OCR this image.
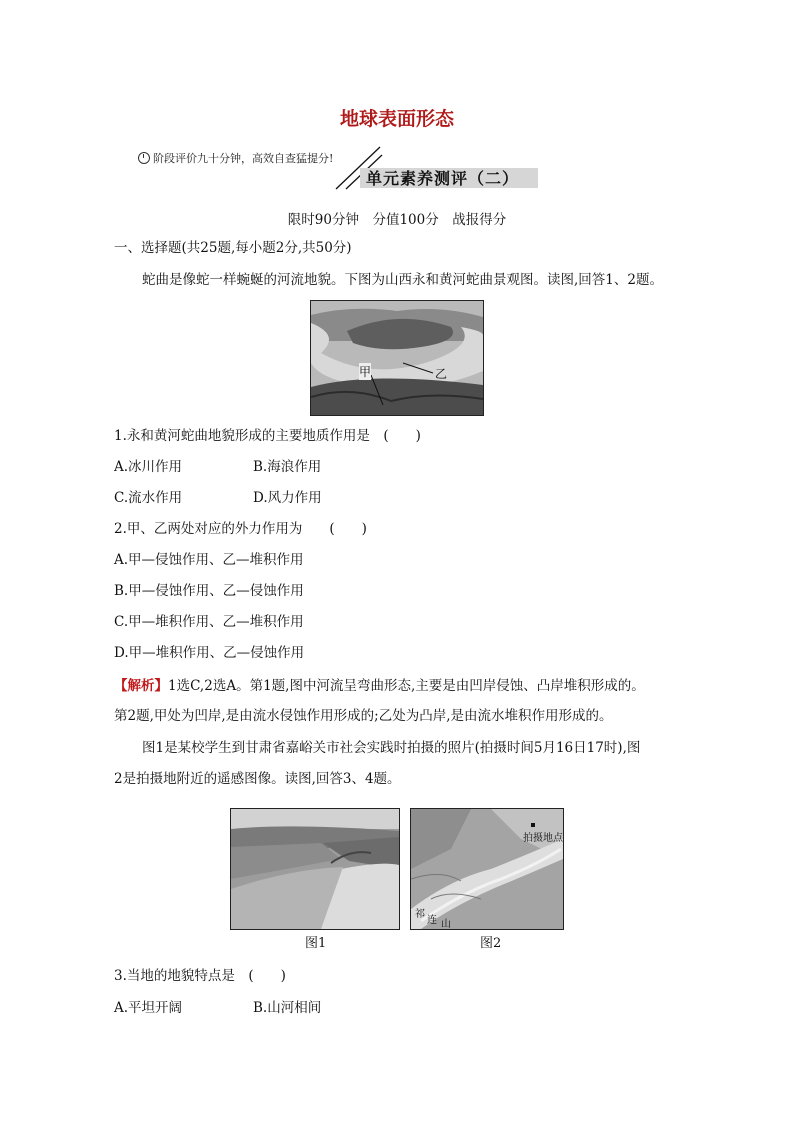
地球表面形态
阶段评价九十分钟，高效自查猛提分!
单元素养测评（二）
限时90分钟　分值100分　战报得分
一、选择题(共25题,每小题2分,共50分)
蛇曲是像蛇一样蜿蜒的河流地貌。下图为山西永和黄河蛇曲景观图。读图,回答1、2题。
甲	乙
1.永和黄河蛇曲地貌形成的主要地质作用是　(　　)
A.冰川作用	B.海浪作用
C.流水作用	D.风力作用
2.甲、乙两处对应的外力作用为　　(　　)
A.甲—侵蚀作用、乙—堆积作用
B.甲—侵蚀作用、乙—侵蚀作用
C.甲—堆积作用、乙—堆积作用
D.甲—堆积作用、乙—侵蚀作用
【解析】1选C,2选A。第1题,图中河流呈弯曲形态,主要是由凹岸侵蚀、凸岸堆积形成的。
第2题,甲处为凹岸,是由流水侵蚀作用形成的;乙处为凸岸,是由流水堆积作用形成的。
图1是某校学生到甘肃省嘉峪关市社会实践时拍摄的照片(拍摄时间5月16日17时),图
2是拍摄地附近的遥感图像。读图,回答3、4题。
图1
拍摄地点
祁
连 山
图2
3.当地的地貌特点是　(　　)
A.平坦开阔	B.山河相间
